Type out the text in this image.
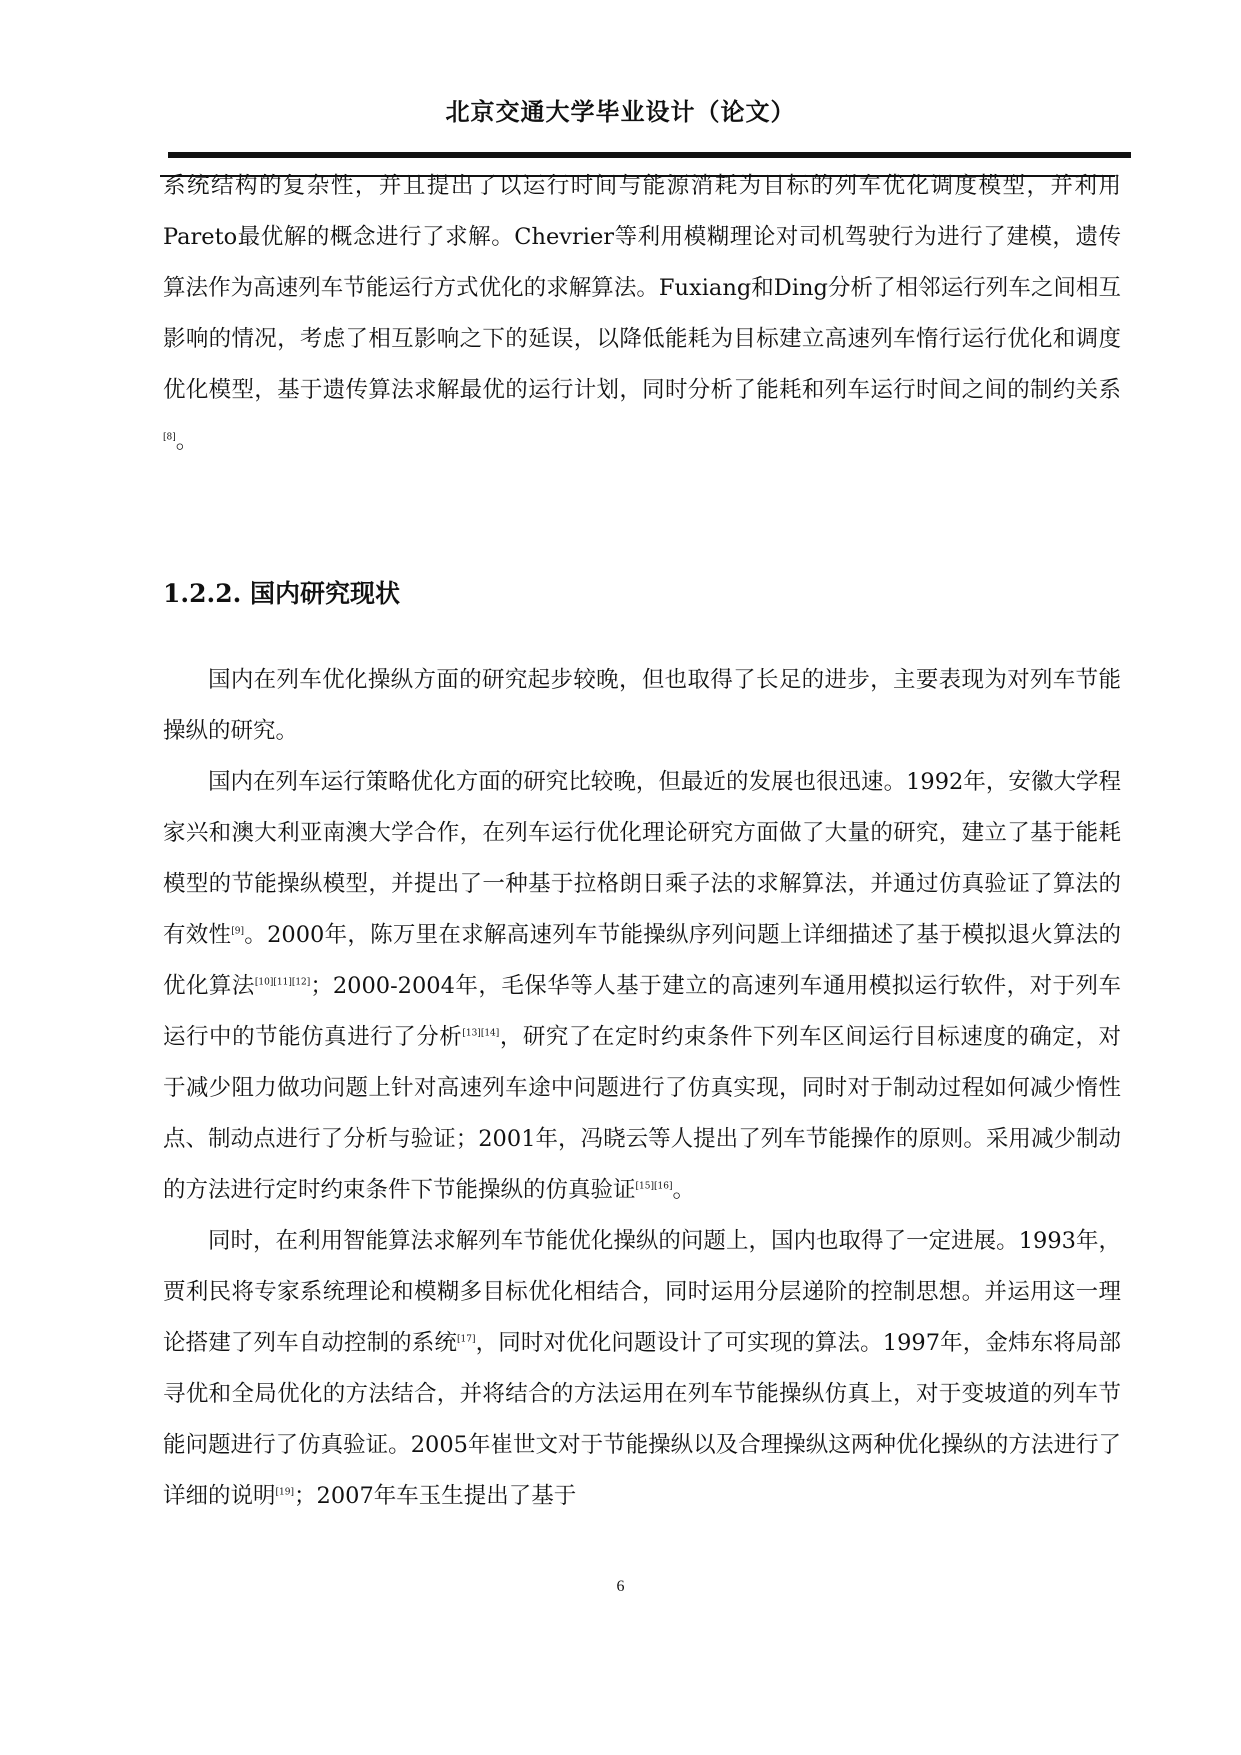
北京交通大学毕业设计（论文）

系统结构的复杂性，并且提出了以运行时间与能源消耗为目标的列车优化调度模型，并利用Pareto最优解的概念进行了求解。Chevrier等利用模糊理论对司机驾驶行为进行了建模，遗传算法作为高速列车节能运行方式优化的求解算法。Fuxiang和Ding分析了相邻运行列车之间相互影响的情况，考虑了相互影响之下的延误，以降低能耗为目标建立高速列车惰行运行优化和调度优化模型，基于遗传算法求解最优的运行计划，同时分析了能耗和列车运行时间之间的制约关系[8]。

1.2.2. 国内研究现状

国内在列车优化操纵方面的研究起步较晚，但也取得了长足的进步，主要表现为对列车节能操纵的研究。

国内在列车运行策略优化方面的研究比较晚，但最近的发展也很迅速。1992年，安徽大学程家兴和澳大利亚南澳大学合作，在列车运行优化理论研究方面做了大量的研究，建立了基于能耗模型的节能操纵模型，并提出了一种基于拉格朗日乘子法的求解算法，并通过仿真验证了算法的有效性[9]。2000年，陈万里在求解高速列车节能操纵序列问题上详细描述了基于模拟退火算法的优化算法[10][11][12]；2000-2004年，毛保华等人基于建立的高速列车通用模拟运行软件，对于列车运行中的节能仿真进行了分析[13][14]，研究了在定时约束条件下列车区间运行目标速度的确定，对于减少阻力做功问题上针对高速列车途中问题进行了仿真实现，同时对于制动过程如何减少惰性点、制动点进行了分析与验证；2001年，冯晓云等人提出了列车节能操作的原则。采用减少制动的方法进行定时约束条件下节能操纵的仿真验证[15][16]。

同时，在利用智能算法求解列车节能优化操纵的问题上，国内也取得了一定进展。1993年，贾利民将专家系统理论和模糊多目标优化相结合，同时运用分层递阶的控制思想。并运用这一理论搭建了列车自动控制的系统[17]，同时对优化问题设计了可实现的算法。1997年，金炜东将局部寻优和全局优化的方法结合，并将结合的方法运用在列车节能操纵仿真上，对于变坡道的列车节能问题进行了仿真验证。2005年崔世文对于节能操纵以及合理操纵这两种优化操纵的方法进行了详细的说明[19]；2007年车玉生提出了基于

6
